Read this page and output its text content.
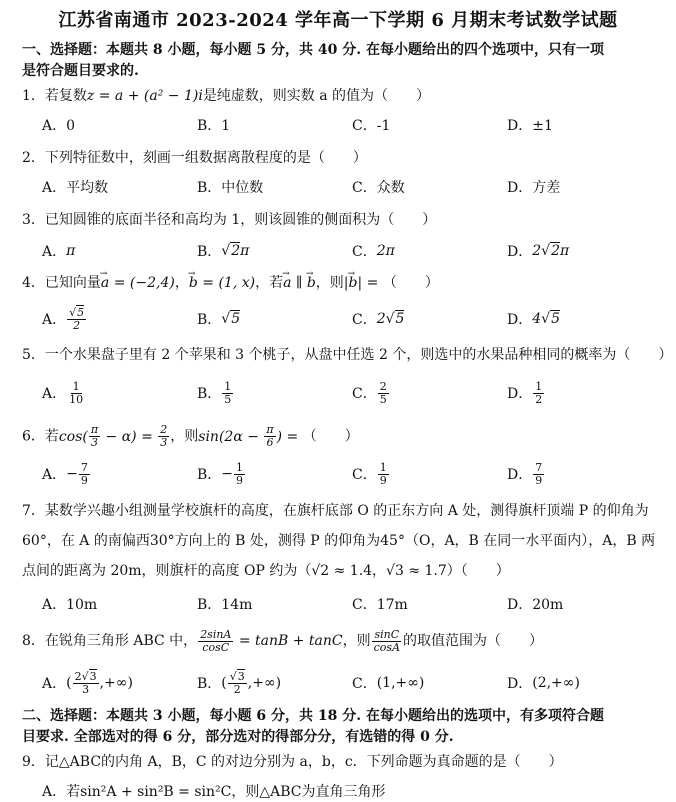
江苏省南通市 2023-2024 学年高一下学期 6 月期末考试数学试题
一、选择题：本题共 8 小题，每小题 5 分，共 40 分. 在每小题给出的四个选项中，只有一项
是符合题目要求的.
1．若复数z = a + (a² − 1)i是纯虚数，则实数 a 的值为（　　）
A．0	B．1	C．-1	D．±1
2．下列特征数中，刻画一组数据离散程度的是（　　）
A．平均数	B．中位数	C．众数	D．方差
3．已知圆锥的底面半径和高均为 1，则该圆锥的侧面积为（　　）
A． π	B． √2π	C． 2π	D． 2√2π
4．已知向量→ a = (−2,4)，→ b = (1, x)，若→ a ∥ → b，则|→ b| = （　　）
A． $\frac{√5}{2}$	B． √5	C． 2√5	D． 4√5
5．一个水果盘子里有 2 个苹果和 3 个桃子，从盘中任选 2 个，则选中的水果品种相同的概率为（　　）
A． $\frac{1}{10}$	B． $\frac{1}{5}$	C． $\frac{2}{5}$	D． $\frac{1}{2}$
6．若$\cos( \frac{\pi}{3} - \alpha) = \frac{2}{3}$ ，则$\sin(2\alpha - \frac{\pi}{6}$ ) = （　　）
A． − $\frac{7}{9}$	B． − $\frac{1}{9}$	C． $\frac{1}{9}$	D． $\frac{7}{9}$
7．某数学兴趣小组测量学校旗杆的高度，在旗杆底部 O 的正东方向 A 处，测得旗杆顶端 P 的仰角为
60°，在 A 的南偏西30°方向上的 B 处，测得 P 的仰角为45°（O，A，B 在同一水平面内），A，B 两
点间的距离为 20m，则旗杆的高度 OP 约为（√2 ≈ 1.4，√3 ≈ 1.7）（　　）
A．10m	B．14m	C．17m	D．20m
8．在锐角三角形 ABC 中， $\frac{2\sin A}{\cos C} = \tan B + \tan C$，则 $\frac{\sin C}{\cos A}$ 的取值范围为（　　）
A． ( $\frac{2√3}{3}$ ,+∞)	B． ( $\frac{√3}{2}$ ,+∞)	C． (1,+∞)	D． (2,+∞)
二、选择题：本题共 3 小题，每小题 6 分，共 18 分. 在每小题给出的选项中，有多项符合题
目要求. 全部选对的得 6 分，部分选对的得部分分，有选错的得 0 分.
9．记△ABC的内角 A，B，C 的对边分别为 a，b，c．下列命题为真命题的是（　　）
A．若sin²A + sin²B = sin²C，则△ABC为直角三角形
